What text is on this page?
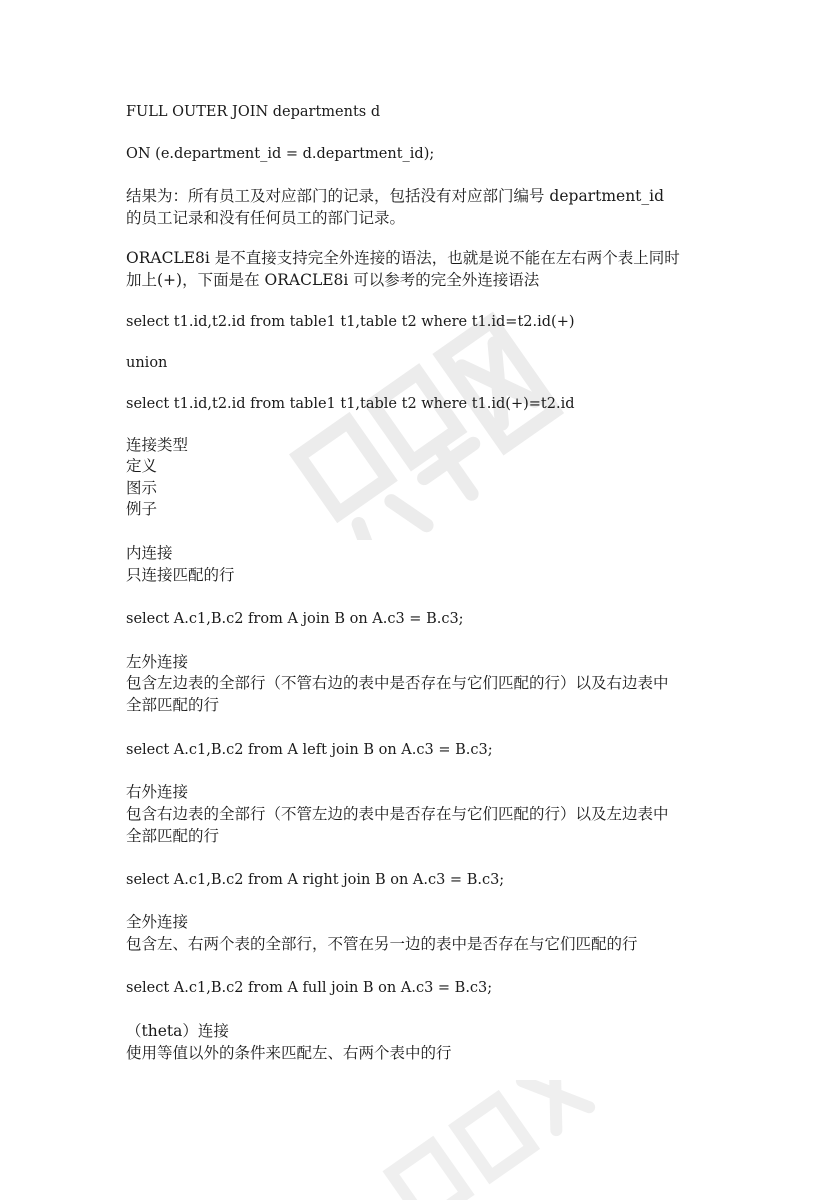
FULL OUTER JOIN departments d
ON (e.department_id = d.department_id);
结果为：所有员工及对应部门的记录，包括没有对应部门编号 department_id
的员工记录和没有任何员工的部门记录。
ORACLE8i 是不直接支持完全外连接的语法，也就是说不能在左右两个表上同时
加上(+)，下面是在 ORACLE8i 可以参考的完全外连接语法
select t1.id,t2.id from table1 t1,table t2 where t1.id=t2.id(+)
union
select t1.id,t2.id from table1 t1,table t2 where t1.id(+)=t2.id
连接类型
定义
图示
例子
内连接
只连接匹配的行
select A.c1,B.c2 from A join B on A.c3 = B.c3;
左外连接
包含左边表的全部行（不管右边的表中是否存在与它们匹配的行）以及右边表中
全部匹配的行
select A.c1,B.c2 from A left join B on A.c3 = B.c3;
右外连接
包含右边表的全部行（不管左边的表中是否存在与它们匹配的行）以及左边表中
全部匹配的行
select A.c1,B.c2 from A right join B on A.c3 = B.c3;
全外连接
包含左、右两个表的全部行，不管在另一边的表中是否存在与它们匹配的行
select A.c1,B.c2 from A full join B on A.c3 = B.c3;
（theta）连接
使用等值以外的条件来匹配左、右两个表中的行
